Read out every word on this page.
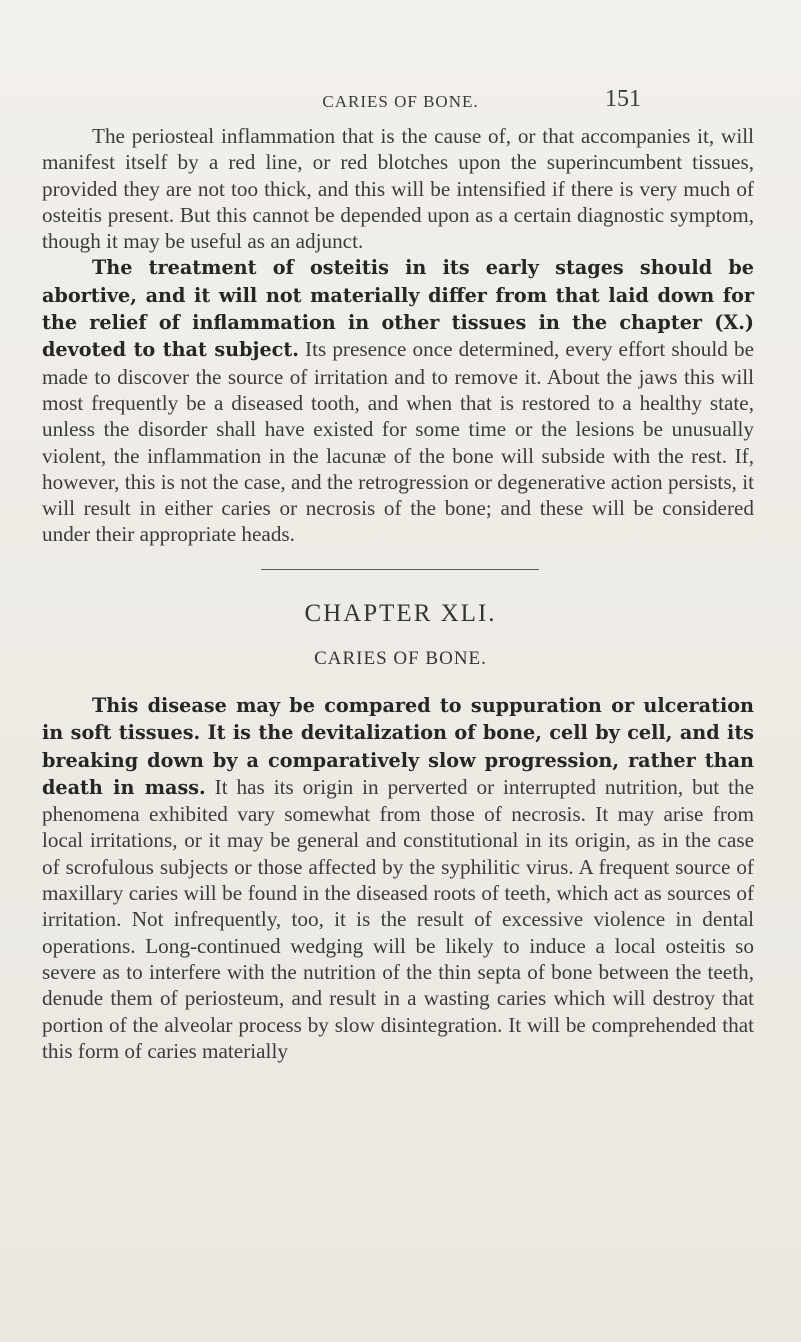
CARIES OF BONE.	151

The periosteal inflammation that is the cause of, or that accompanies it, will manifest itself by a red line, or red blotches upon the superincumbent tissues, provided they are not too thick, and this will be intensified if there is very much of osteitis present. But this cannot be depended upon as a certain diagnostic symptom, though it may be useful as an adjunct.

The treatment of osteitis in its early stages should be abortive, and it will not materially differ from that laid down for the relief of inflammation in other tissues in the chapter (X.) devoted to that subject. Its presence once determined, every effort should be made to discover the source of irritation and to remove it. About the jaws this will most frequently be a diseased tooth, and when that is restored to a healthy state, unless the disorder shall have existed for some time or the lesions be unusually violent, the inflammation in the lacunæ of the bone will subside with the rest. If, however, this is not the case, and the retrogression or degenerative action persists, it will result in either caries or necrosis of the bone; and these will be considered under their appropriate heads.

CHAPTER XLI.
CARIES OF BONE.

This disease may be compared to suppuration or ulceration in soft tissues. It is the devitalization of bone, cell by cell, and its breaking down by a comparatively slow progression, rather than death in mass. It has its origin in perverted or interrupted nutrition, but the phenomena exhibited vary somewhat from those of necrosis. It may arise from local irritations, or it may be general and constitutional in its origin, as in the case of scrofulous subjects or those affected by the syphilitic virus. A frequent source of maxillary caries will be found in the diseased roots of teeth, which act as sources of irritation. Not infrequently, too, it is the result of excessive violence in dental operations. Long-continued wedging will be likely to induce a local osteitis so severe as to interfere with the nutrition of the thin septa of bone between the teeth, denude them of periosteum, and result in a wasting caries which will destroy that portion of the alveolar process by slow disintegration. It will be comprehended that this form of caries materially
